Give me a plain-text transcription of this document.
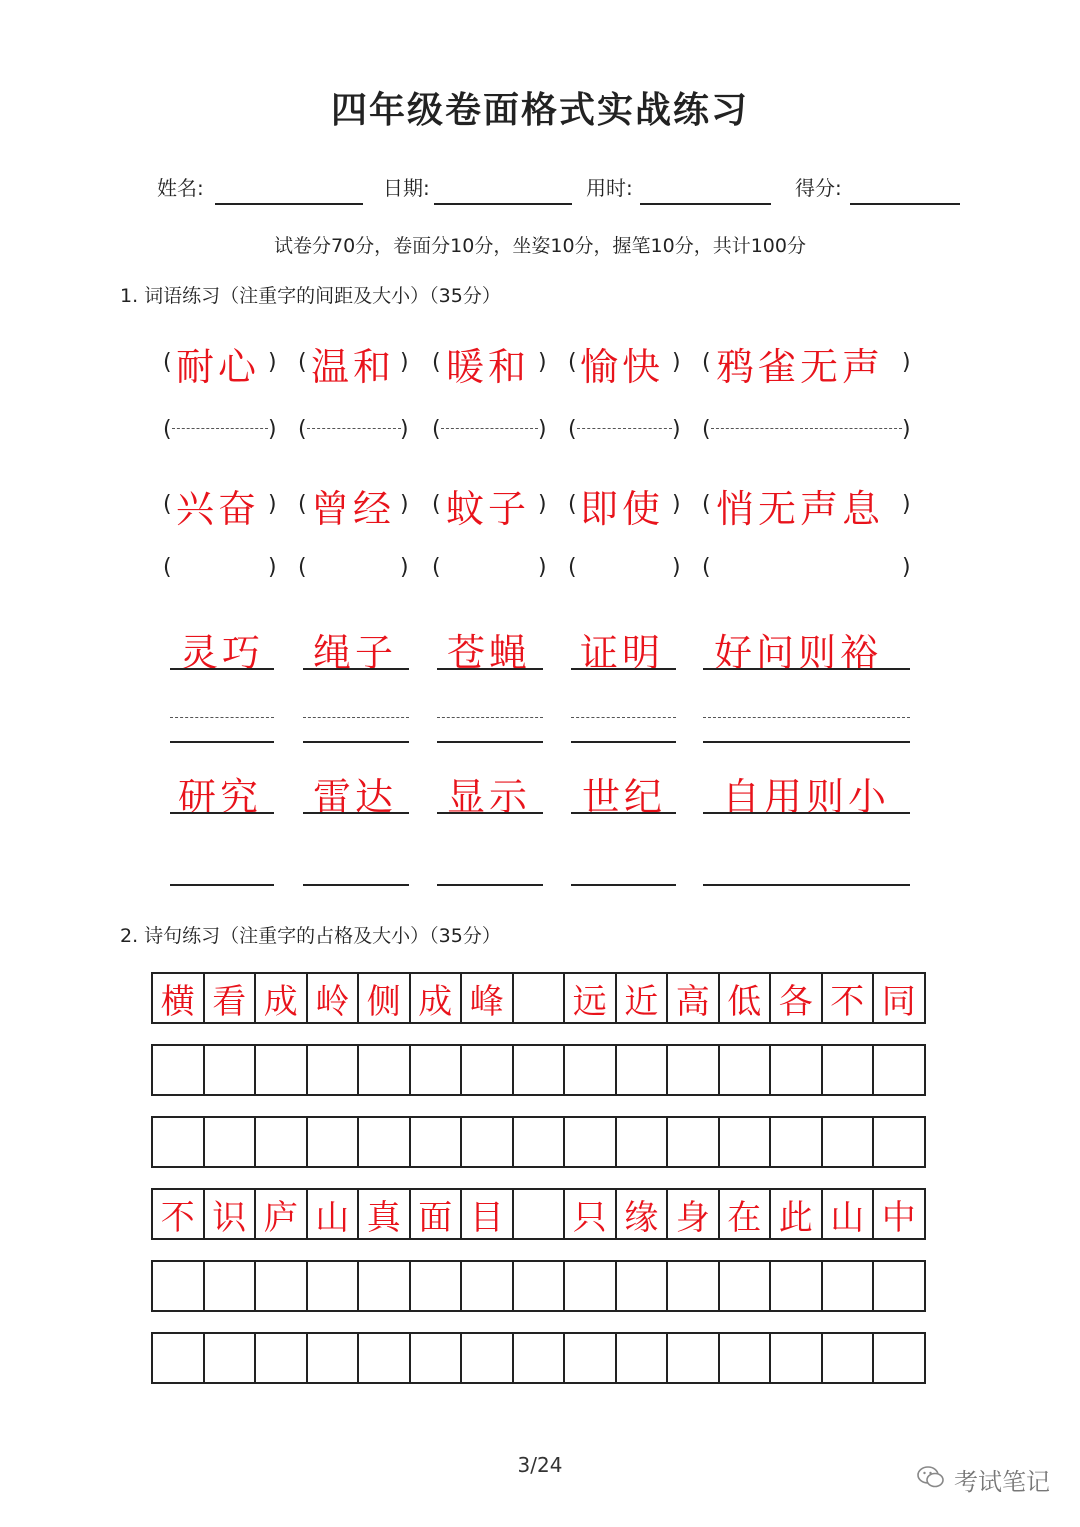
四年级卷面格式实战练习
姓名:	日期:	用时:	得分:
试卷分70分，卷面分10分，坐姿10分，握笔10分，共计100分
1. 词语练习（注重字的间距及大小）（35分）
( 耐心 ) ( 温和 ) ( 暖和 ) ( 愉快 ) ( 鸦雀无声 )
(	) (	) (	) (	) (	)
( 兴奋 ) ( 曾经 ) ( 蚊子 ) ( 即使 ) ( 悄无声息 )
(	) (	) (	) (	) (	)
灵巧 绳子 苍蝇 证明 好问则裕
研究 雷达 显示 世纪 自用则小
2. 诗句练习（注重字的占格及大小）（35分）
横 看 成 岭 侧 成 峰 远 近 高 低 各 不 同
不 识 庐 山 真 面 目 只 缘 身 在 此 山 中
3/24
考试笔记
